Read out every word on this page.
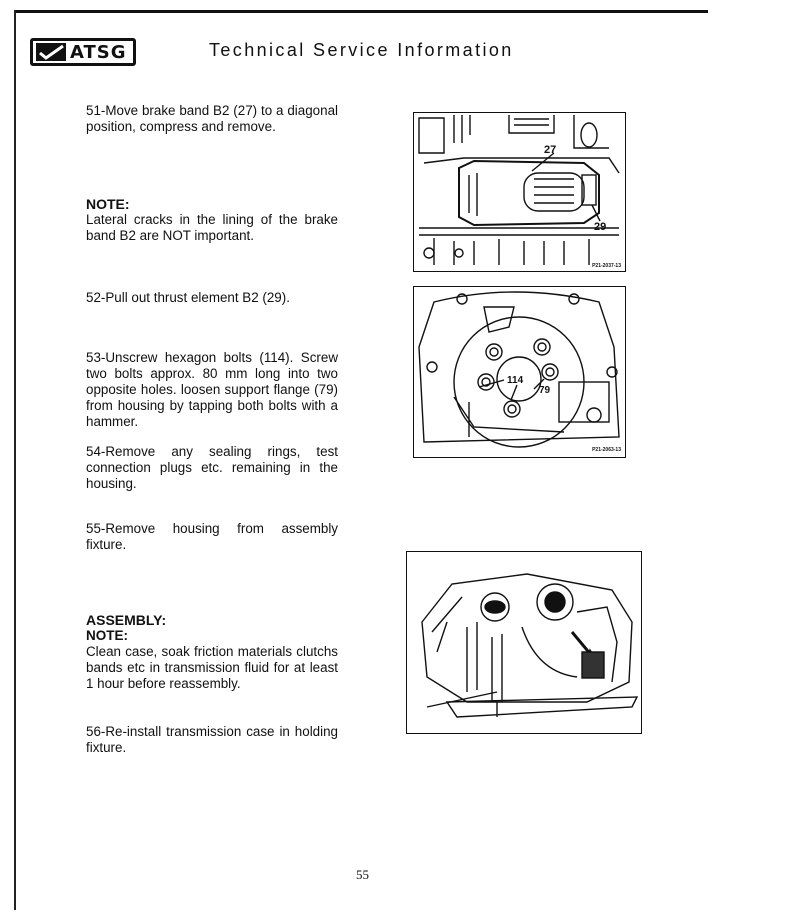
ATSG	Technical Service Information

51-Move brake band B2 (27) to a diagonal position, compress and remove.

NOTE:

Lateral cracks in the lining of the brake band B2 are NOT important.

52-Pull out thrust element B2 (29).

53-Unscrew hexagon bolts (114). Screw two bolts approx. 80 mm long into two opposite holes. loosen support flange (79) from housing by tapping both bolts with a hammer.

54-Remove any sealing rings, test connection plugs etc. remaining in the housing.

55-Remove housing from assembly fixture.

ASSEMBLY:

NOTE:

Clean case, soak friction materials clutchs bands etc in transmission fluid for at least 1 hour before reassembly.

56-Re-install transmission case in holding fixture.

27
29
P21-2037-13
114
79
P21-2063-13
55
